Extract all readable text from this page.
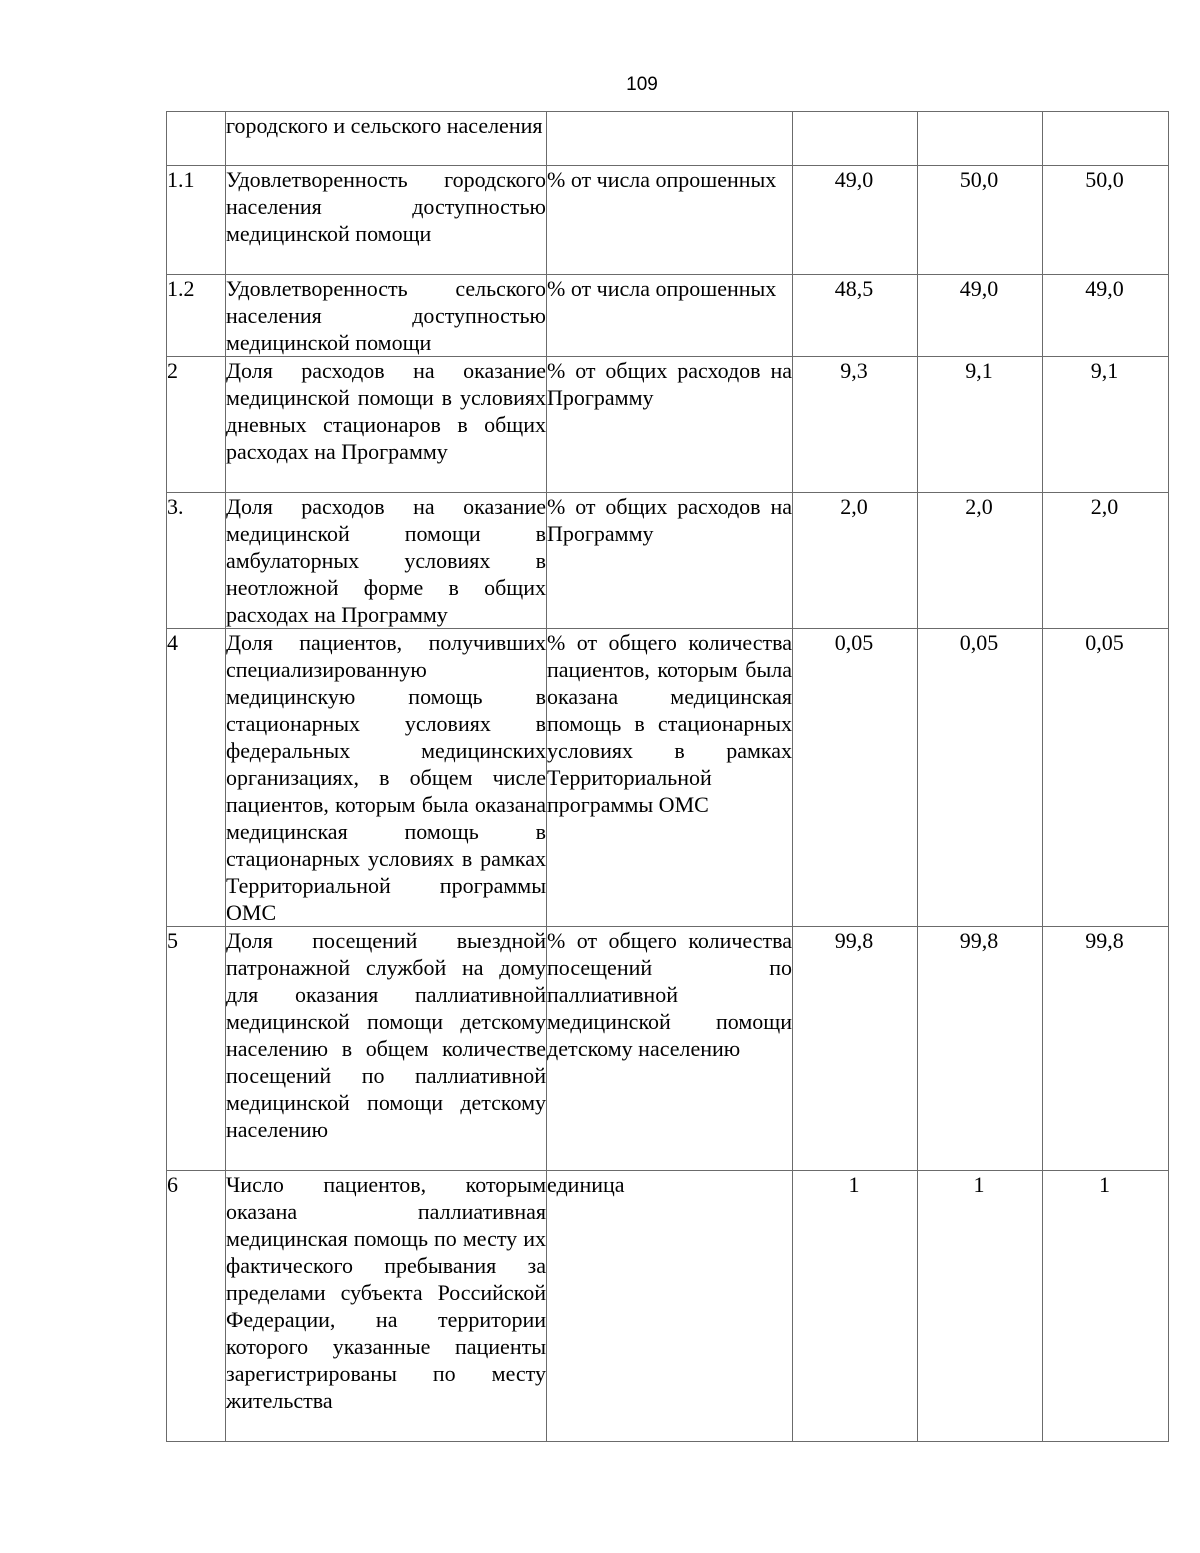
109
	городского и сельского населения				
1.1	Удовлетворенность городского населения доступностью медицинской помощи	% от числа опрошенных	49,0	50,0	50,0
1.2	Удовлетворенность сельского населения доступностью медицинской помощи	% от числа опрошенных	48,5	49,0	49,0
2	Доля расходов на оказание медицинской помощи в условиях дневных стационаров в общих расходах на Программу	% от общих расходов на Программу	9,3	9,1	9,1
3.	Доля расходов на оказание медицинской помощи в амбулаторных условиях в неотложной форме в общих расходах на Программу	% от общих расходов на Программу	2,0	2,0	2,0
4	Доля пациентов, получивших специализированную медицинскую помощь в стационарных условиях в федеральных медицинских организациях, в общем числе пациентов, которым была оказана медицинская помощь в стационарных условиях в рамках Территориальной программы ОМС	% от общего количества пациентов, которым была оказана медицинская помощь в стационарных условиях в рамках Территориальной программы ОМС	0,05	0,05	0,05
5	Доля посещений выездной патронажной службой на дому для оказания паллиативной медицинской помощи детскому населению в общем количестве посещений по паллиативной медицинской помощи детскому населению	% от общего количества посещений по паллиативной медицинской помощи детскому населению	99,8	99,8	99,8
6	Число пациентов, которым оказана паллиативная медицинская помощь по месту их фактического пребывания за пределами субъекта Российской Федерации, на территории которого указанные пациенты зарегистрированы по месту жительства	единица	1	1	1
